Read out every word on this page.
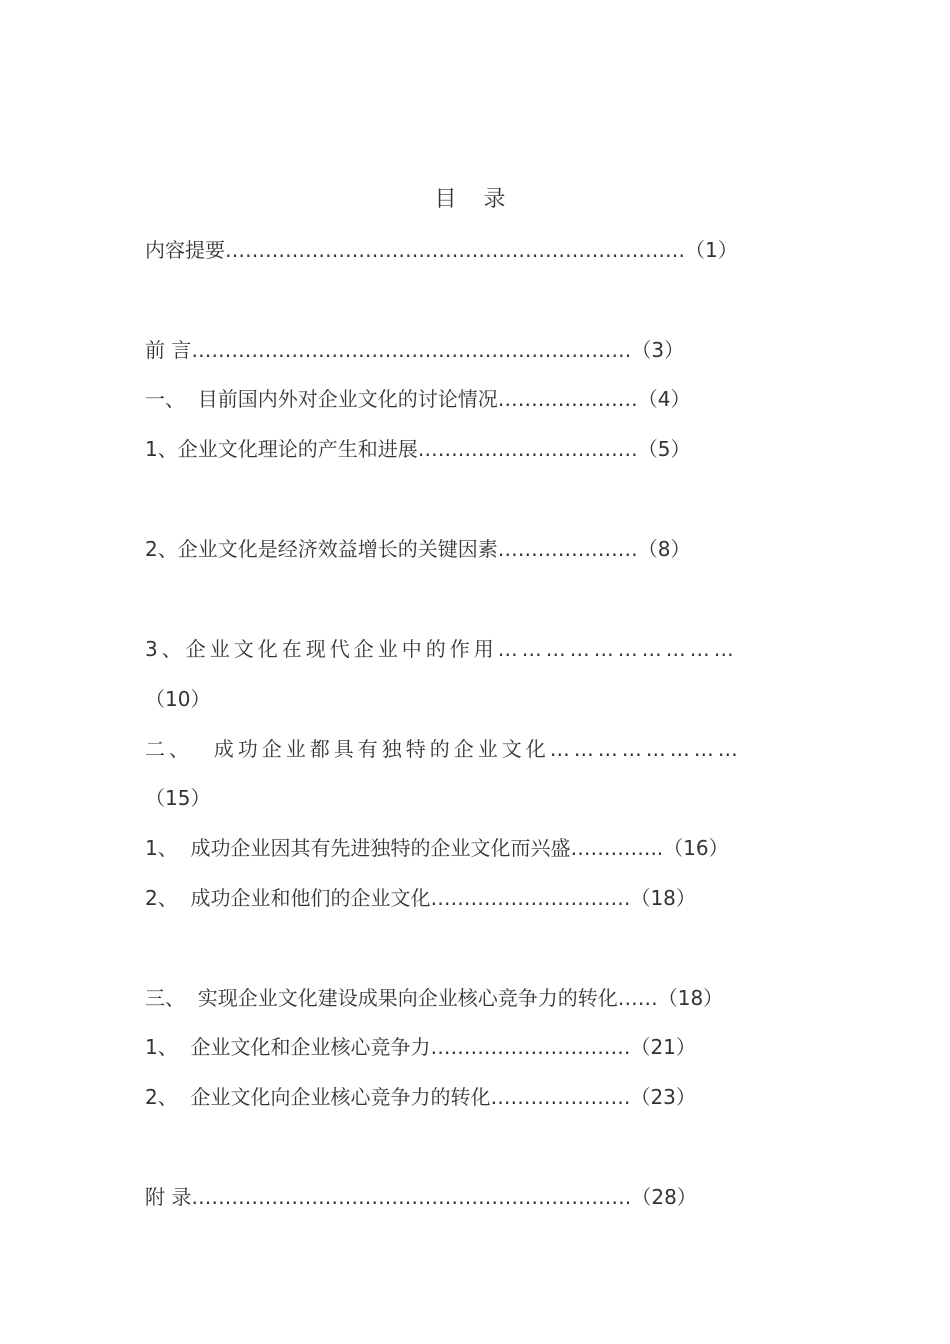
目 录
内容提要……………………………………………………………（1）
前 言…………………………………………………………（3）
一、  目前国内外对企业文化的讨论情况…………………（4）
1、企业文化理论的产生和进展……………………………（5）
2、企业文化是经济效益增长的关键因素…………………（8）
3、企业文化在现代企业中的作用…………………………
（10）
二、  成功企业都具有独特的企业文化……………………
（15）
1、  成功企业因其有先进独特的企业文化而兴盛…………..（16）
2、  成功企业和他们的企业文化…………………………（18）
三、  实现企业文化建设成果向企业核心竞争力的转化……（18）
1、  企业文化和企业核心竞争力…………………………（21）
2、  企业文化向企业核心竞争力的转化…………………（23）
附 录…………………………………………………………（28）
